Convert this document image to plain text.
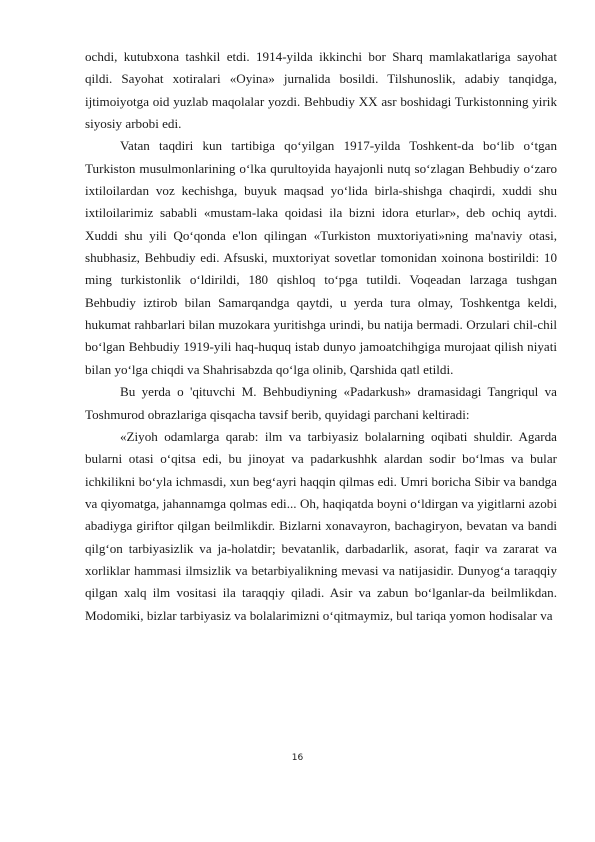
ochdi, kutubxona tashkil etdi. 1914-yilda ikkinchi bor Sharq mamlakatlariga sayohat qildi. Sayohat xotiralari «Oyina» jurnalida bosildi. Tilshunoslik, adabiy tanqidga, ijtimoiyotga oid yuzlab maqolalar yozdi. Behbudiy XX asr boshidagi Turkistonning yirik siyosiy arbobi edi.

Vatan taqdiri kun tartibiga qo‘yilgan 1917-yilda Toshkent-da bo‘lib o‘tgan Turkiston musulmonlarining o‘lka qurultoyida hayajonli nutq so‘zlagan Behbudiy o‘zaro ixtiloilardan voz kechishga, buyuk maqsad yo‘lida birla-shishga chaqirdi, xuddi shu ixtiloilarimiz sababli «mustam-laka qoidasi ila bizni idora eturlar», deb ochiq aytdi. Xuddi shu yili Qo‘qonda e'lon qilingan «Turkiston muxtoriyati»ning ma'naviy otasi, shubhasiz, Behbudiy edi. Afsuski, muxtoriyat sovetlar tomonidan xoinona bostirildi: 10 ming turkistonlik o‘ldirildi, 180 qishloq to‘pga tutildi. Voqeadan larzaga tushgan Behbudiy iztirob bilan Samarqandga qaytdi, u yerda tura olmay, Toshkentga keldi, hukumat rahbarlari bilan muzokara yuritishga urindi, bu natija bermadi. Orzulari chil-chil bo‘lgan Behbudiy 1919-yili haq-huquq istab dunyo jamoatchihgiga murojaat qilish niyati bilan yo‘lga chiqdi va Shahrisabzda qo‘lga olinib, Qarshida qatl etildi.

Bu yerda o 'qituvchi M. Behbudiyning «Padarkush» dramasidagi Tangriqul va Toshmurod obrazlariga qisqacha tavsif berib, quyidagi parchani keltiradi:

«Ziyoh odamlarga qarab: ilm va tarbiyasiz bolalarning oqibati shuldir. Agarda bularni otasi o‘qitsa edi, bu jinoyat va padarkushhk alardan sodir bo‘lmas va bular ichkilikni bo‘yla ichmasdi, xun beg‘ayri haqqin qilmas edi. Umri boricha Sibir va bandga va qiyomatga, jahannamga qolmas edi... Oh, haqiqatda boyni o‘ldirgan va yigitlarni azobi abadiyga giriftor qilgan beilmlikdir. Bizlarni xonavayron, bachagiryon, bevatan va bandi qilg‘on tarbiyasizlik va ja-holatdir; bevatanlik, darbadarlik, asorat, faqir va zararat va xorliklar hammasi ilmsizlik va betarbiyalikning mevasi va natijasidir. Dunyog‘a taraqqiy qilgan xalq ilm vositasi ila taraqqiy qiladi. Asir va zabun bo‘lganlar-da beilmlikdan. Modomiki, bizlar tarbiyasiz va bolalarimizni o‘qitmaymiz, bul tariqa yomon hodisalar va

16
